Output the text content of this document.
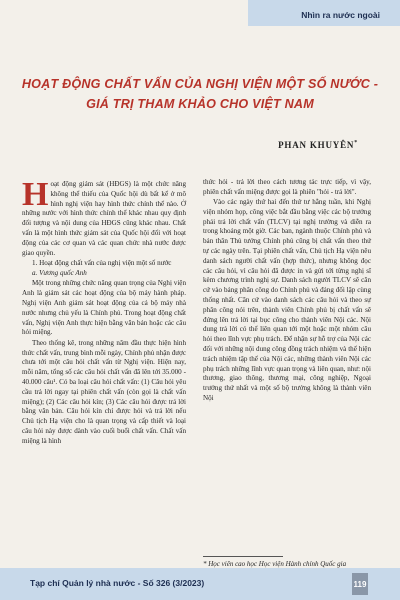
Nhìn ra nước ngoài
HOẠT ĐỘNG CHẤT VẤN CỦA NGHỊ VIỆN MỘT SỐ NƯỚC -
GIÁ TRỊ THAM KHẢO CHO VIỆT NAM
PHAN KHUYÊN*

Hoạt động giám sát (HĐGS) là một chức năng không thể thiếu của Quốc hội dù bất kể ở mô hình nghị viện hay hình thức chính thể nào. Ở những nước với hình thức chính thể khác nhau quy định đối tượng và nội dung của HĐGS cũng khác nhau. Chất vấn là một hình thức giám sát của Quốc hội đối với hoạt động của các cơ quan và các quan chức nhà nước được giao quyền.

1. Hoạt động chất vấn của nghị viện một số nước

a. Vương quốc Anh

Một trong những chức năng quan trọng của Nghị viện Anh là giám sát các hoạt động của bộ máy hành pháp. Nghị viện Anh giám sát hoạt động của cả bộ máy nhà nước nhưng chủ yếu là Chính phủ. Trong hoạt động chất vấn, Nghị viện Anh thực hiện bằng văn bản hoặc các câu hỏi miệng.

Theo thống kê, trong những năm đầu thực hiện hình thức chất vấn, trung bình mỗi ngày, Chính phủ nhận được chưa tới một câu hỏi chất vấn từ Nghị viện. Hiện nay, mỗi năm, tổng số các câu hỏi chất vấn đã lên tới 35.000 - 40.000 câu¹. Có ba loại câu hỏi chất vấn: (1) Câu hỏi yêu cầu trả lời ngay tại phiên chất vấn (còn gọi là chất vấn miệng); (2) Các câu hỏi kín; (3) Các câu hỏi được trả lời bằng văn bản. Câu hỏi kín chỉ được hỏi và trả lời nếu Chủ tịch Hạ viện cho là quan trọng và cấp thiết và loại câu hỏi này được dành vào cuối buổi chất vấn. Chất vấn miệng là hình

thức hỏi - trả lời theo cách tương tác trực tiếp, vì vậy, phiên chất vấn miệng được gọi là phiên "hỏi - trả lời".

Vào các ngày thứ hai đến thứ tư hằng tuần, khi Nghị viện nhóm họp, công việc bắt đầu bằng việc các bộ trưởng phải trả lời chất vấn (TLCV) tại nghị trường và diễn ra trong khoảng một giờ. Các ban, ngành thuộc Chính phủ và bản thân Thủ tướng Chính phủ cũng bị chất vấn theo thứ tự các ngày trên. Tại phiên chất vấn, Chủ tịch Hạ viện nêu danh sách người chất vấn (hợp thức), nhưng không đọc các câu hỏi, vì câu hỏi đã được in và gửi tới từng nghị sĩ kèm chương trình nghị sự. Danh sách người TLCV sẽ căn cứ vào bảng phân công do Chính phủ và đảng đối lập cùng thống nhất. Căn cứ vào danh sách các câu hỏi và theo sự phân công nói trên, thành viên Chính phủ bị chất vấn sẽ đứng lên trả lời tại bục công cho thành viên Nội các. Nội dung trả lời có thể liên quan tới một hoặc một nhóm câu hỏi theo lĩnh vực phụ trách. Để nhận sự hỗ trợ của Nội các đối với những nội dung công đồng trách nhiệm và thể hiện trách nhiệm tập thể của Nội các, những thành viên Nội các phụ trách những lĩnh vực quan trọng và liên quan, như: nội thương, giao thông, thương mại, công nghiệp, Ngoại trưởng thứ nhất và một số bộ trưởng không là thành viên Nội

* Học viên cao học Học viện Hành chính Quốc gia
Tạp chí Quản lý nhà nước - Số 326 (3/2023)	119
